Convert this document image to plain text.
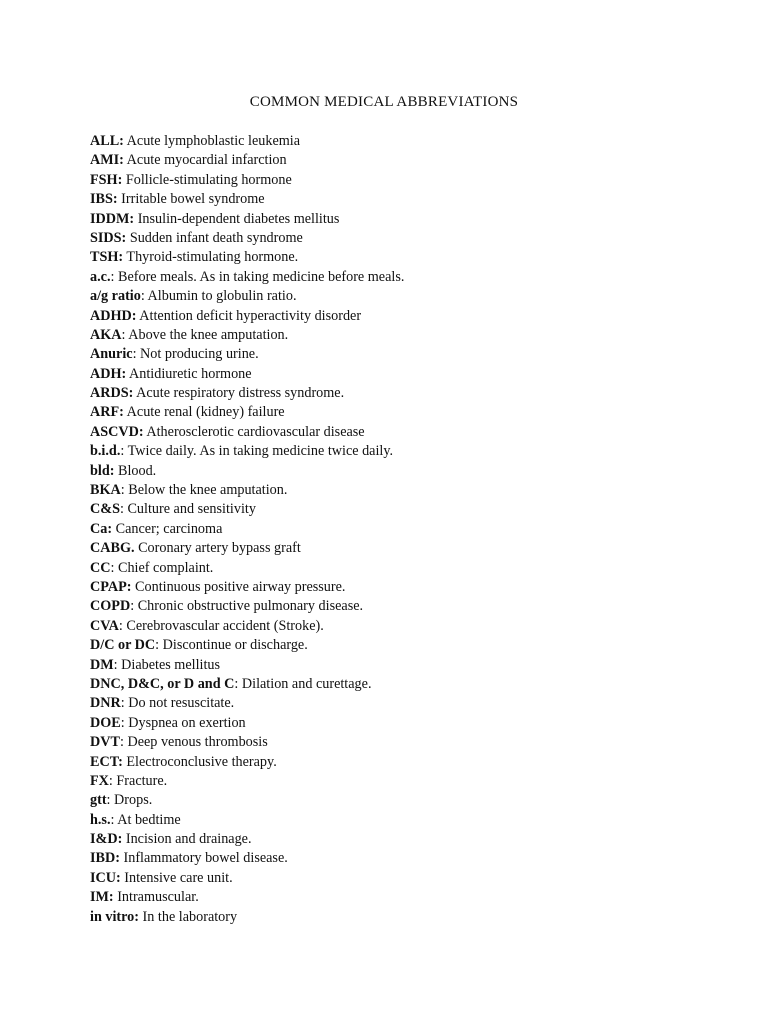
COMMON MEDICAL ABBREVIATIONS
ALL: Acute lymphoblastic leukemia
AMI: Acute myocardial infarction
FSH: Follicle-stimulating hormone
IBS: Irritable bowel syndrome
IDDM: Insulin-dependent diabetes mellitus
SIDS: Sudden infant death syndrome
TSH: Thyroid-stimulating hormone.
a.c.: Before meals. As in taking medicine before meals.
a/g ratio: Albumin to globulin ratio.
ADHD: Attention deficit hyperactivity disorder
AKA: Above the knee amputation.
Anuric: Not producing urine.
ADH: Antidiuretic hormone
ARDS: Acute respiratory distress syndrome.
ARF: Acute renal (kidney) failure
ASCVD: Atherosclerotic cardiovascular disease
b.i.d.: Twice daily. As in taking medicine twice daily.
bld: Blood.
BKA: Below the knee amputation.
C&S: Culture and sensitivity
Ca: Cancer; carcinoma
CABG. Coronary artery bypass graft
CC: Chief complaint.
CPAP: Continuous positive airway pressure.
COPD: Chronic obstructive pulmonary disease.
CVA: Cerebrovascular accident (Stroke).
D/C or DC: Discontinue or discharge.
DM: Diabetes mellitus
DNC, D&C, or D and C: Dilation and curettage.
DNR: Do not resuscitate.
DOE: Dyspnea on exertion
DVT: Deep venous thrombosis
ECT: Electroconclusive therapy.
FX: Fracture.
gtt: Drops.
h.s.: At bedtime
I&D: Incision and drainage.
IBD: Inflammatory bowel disease.
ICU: Intensive care unit.
IM: Intramuscular.
in vitro: In the laboratory
